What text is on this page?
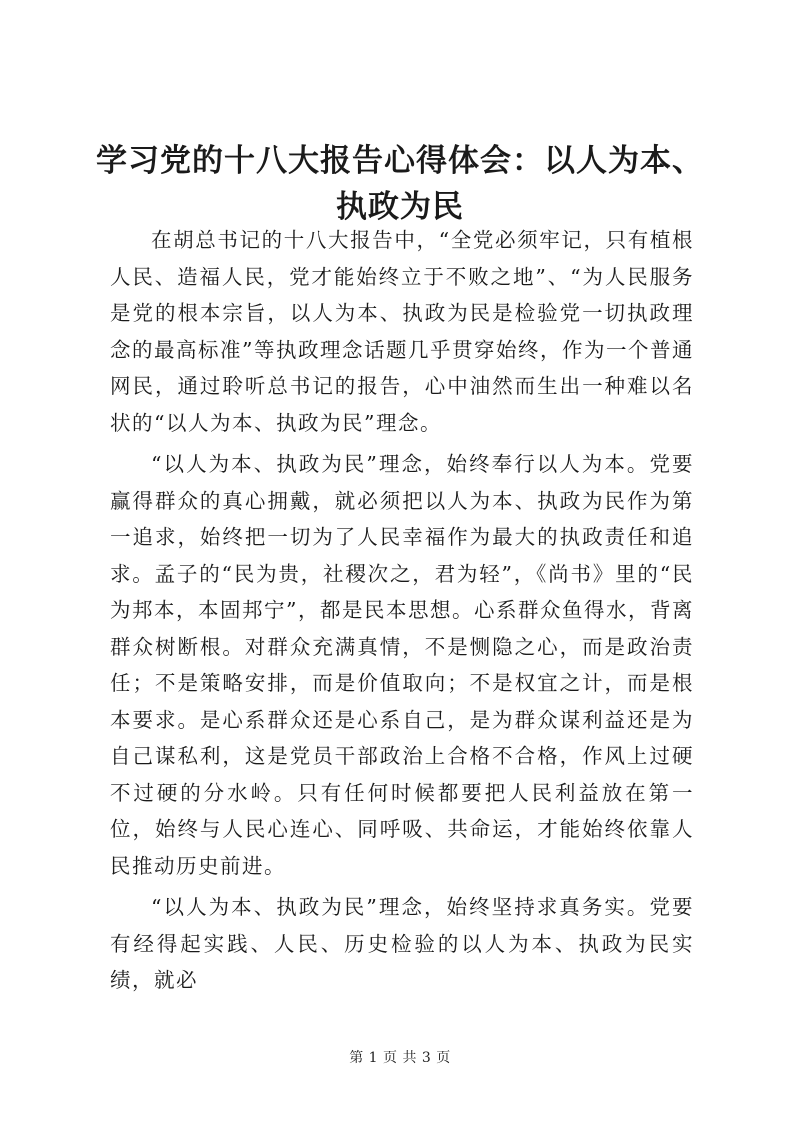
学习党的十八大报告心得体会：以人为本、执政为民

在胡总书记的十八大报告中，“全党必须牢记，只有植根人民、造福人民，党才能始终立于不败之地”、“为人民服务是党的根本宗旨，以人为本、执政为民是检验党一切执政理念的最高标准”等执政理念话题几乎贯穿始终，作为一个普通网民，通过聆听总书记的报告，心中油然而生出一种难以名状的“以人为本、执政为民”理念。

“以人为本、执政为民”理念，始终奉行以人为本。党要赢得群众的真心拥戴，就必须把以人为本、执政为民作为第一追求，始终把一切为了人民幸福作为最大的执政责任和追求。孟子的“民为贵，社稷次之，君为轻”，《尚书》里的“民为邦本，本固邦宁”，都是民本思想。心系群众鱼得水，背离群众树断根。对群众充满真情，不是恻隐之心，而是政治责任；不是策略安排，而是价值取向；不是权宜之计，而是根本要求。是心系群众还是心系自己，是为群众谋利益还是为自己谋私利，这是党员干部政治上合格不合格，作风上过硬不过硬的分水岭。只有任何时候都要把人民利益放在第一位，始终与人民心连心、同呼吸、共命运，才能始终依靠人民推动历史前进。

“以人为本、执政为民”理念，始终坚持求真务实。党要有经得起实践、人民、历史检验的以人为本、执政为民实绩，就必

第 1 页 共 3 页
